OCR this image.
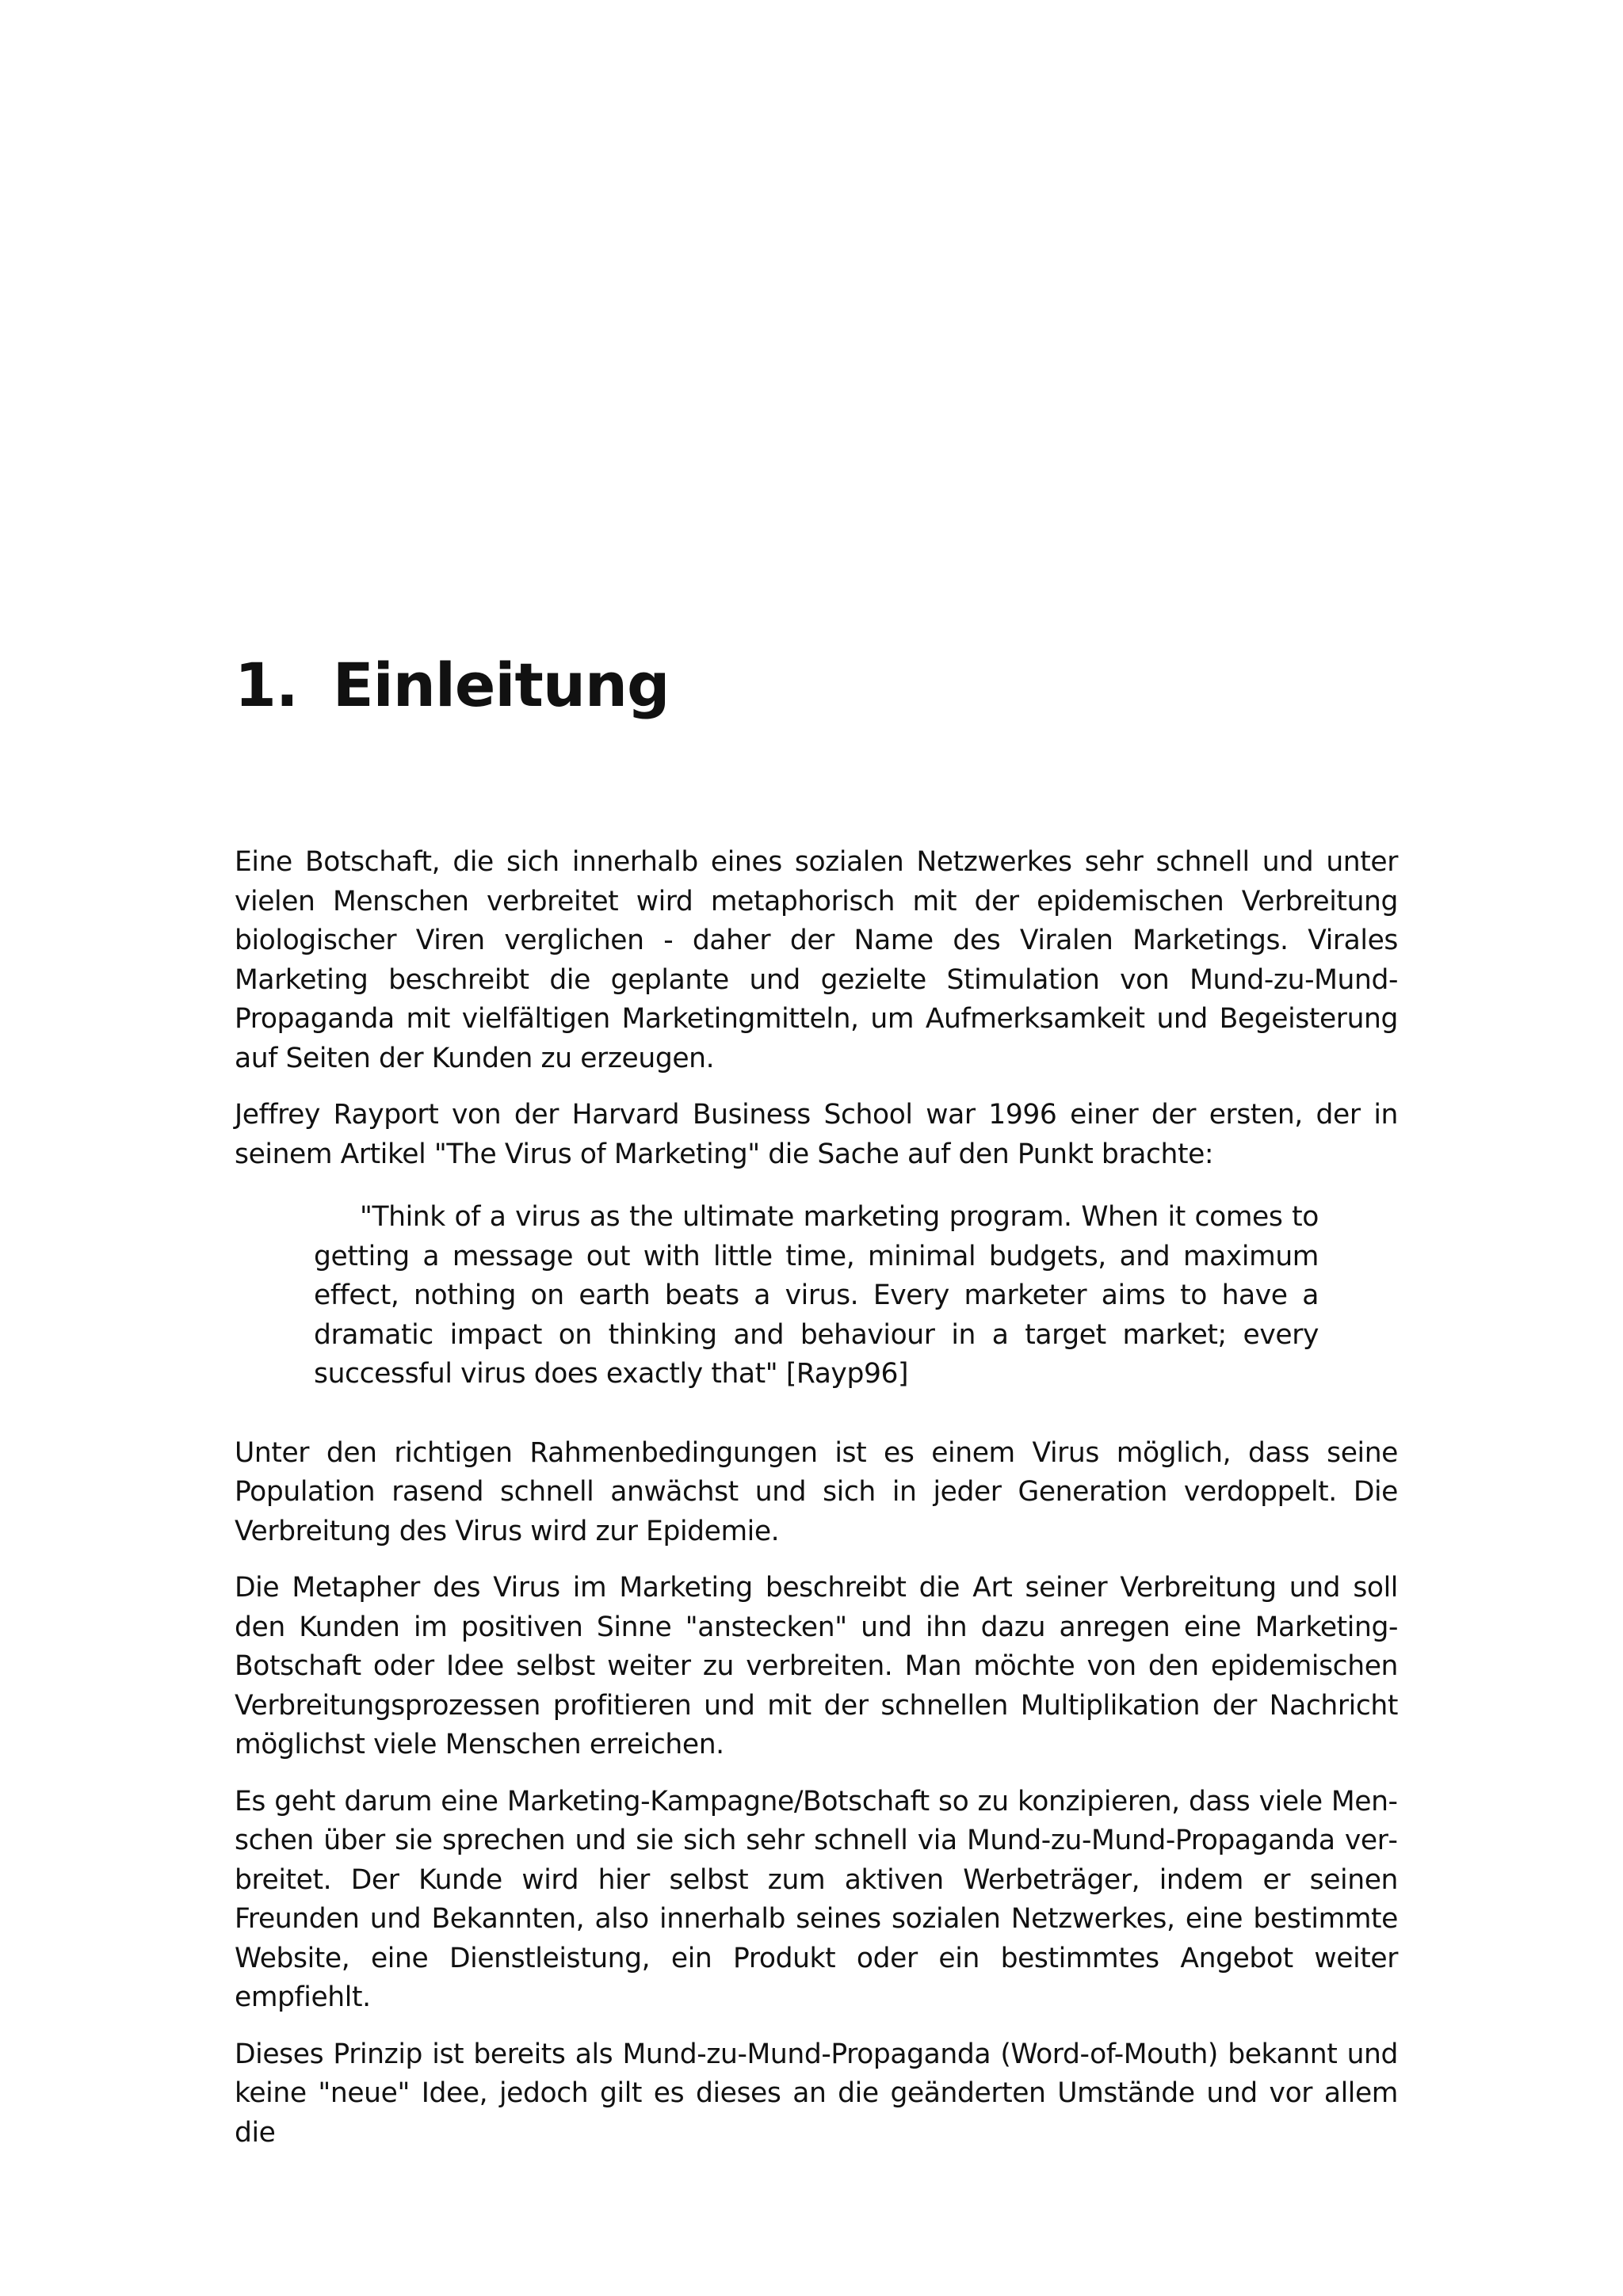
1. Einleitung

Eine Botschaft, die sich innerhalb eines sozialen Netzwerkes sehr schnell und unter vielen Menschen verbreitet wird metaphorisch mit der epidemischen Verbreitung biologischer Viren verglichen - daher der Name des Viralen Marketings. Virales Marketing beschreibt die geplante und gezielte Stimulation von Mund-zu-Mund-Propaganda mit vielfältigen Marketingmitteln, um Aufmerksamkeit und Begeisterung auf Seiten der Kunden zu erzeugen.

Jeffrey Rayport von der Harvard Business School war 1996 einer der ersten, der in seinem Artikel "The Virus of Marketing" die Sache auf den Punkt brachte:

"Think of a virus as the ultimate marketing program. When it comes to getting a message out with little time, minimal budgets, and maximum effect, nothing on earth beats a virus. Every marketer aims to have a dramatic impact on thinking and behaviour in a target market; every successful virus does exactly that" [Rayp96]

Unter den richtigen Rahmenbedingungen ist es einem Virus möglich, dass seine Population rasend schnell anwächst und sich in jeder Generation verdoppelt. Die Verbreitung des Virus wird zur Epidemie.

Die Metapher des Virus im Marketing beschreibt die Art seiner Verbreitung und soll den Kunden im positiven Sinne "anstecken" und ihn dazu anregen eine Marketing-Botschaft oder Idee selbst weiter zu verbreiten. Man möchte von den epidemischen Verbreitungsprozessen profitieren und mit der schnellen Multiplikation der Nachricht möglichst viele Menschen erreichen.

Es geht darum eine Marketing-Kampagne/Botschaft so zu konzipieren, dass viele Menschen über sie sprechen und sie sich sehr schnell via Mund-zu-Mund-Propaganda verbreitet. Der Kunde wird hier selbst zum aktiven Werbeträger, indem er seinen Freunden und Bekannten, also innerhalb seines sozialen Netzwerkes, eine bestimmte Website, eine Dienstleistung, ein Produkt oder ein bestimmtes Angebot weiter empfiehlt.

Dieses Prinzip ist bereits als Mund-zu-Mund-Propaganda (Word-of-Mouth) bekannt und keine "neue" Idee, jedoch gilt es dieses an die geänderten Umstände und vor allem die
